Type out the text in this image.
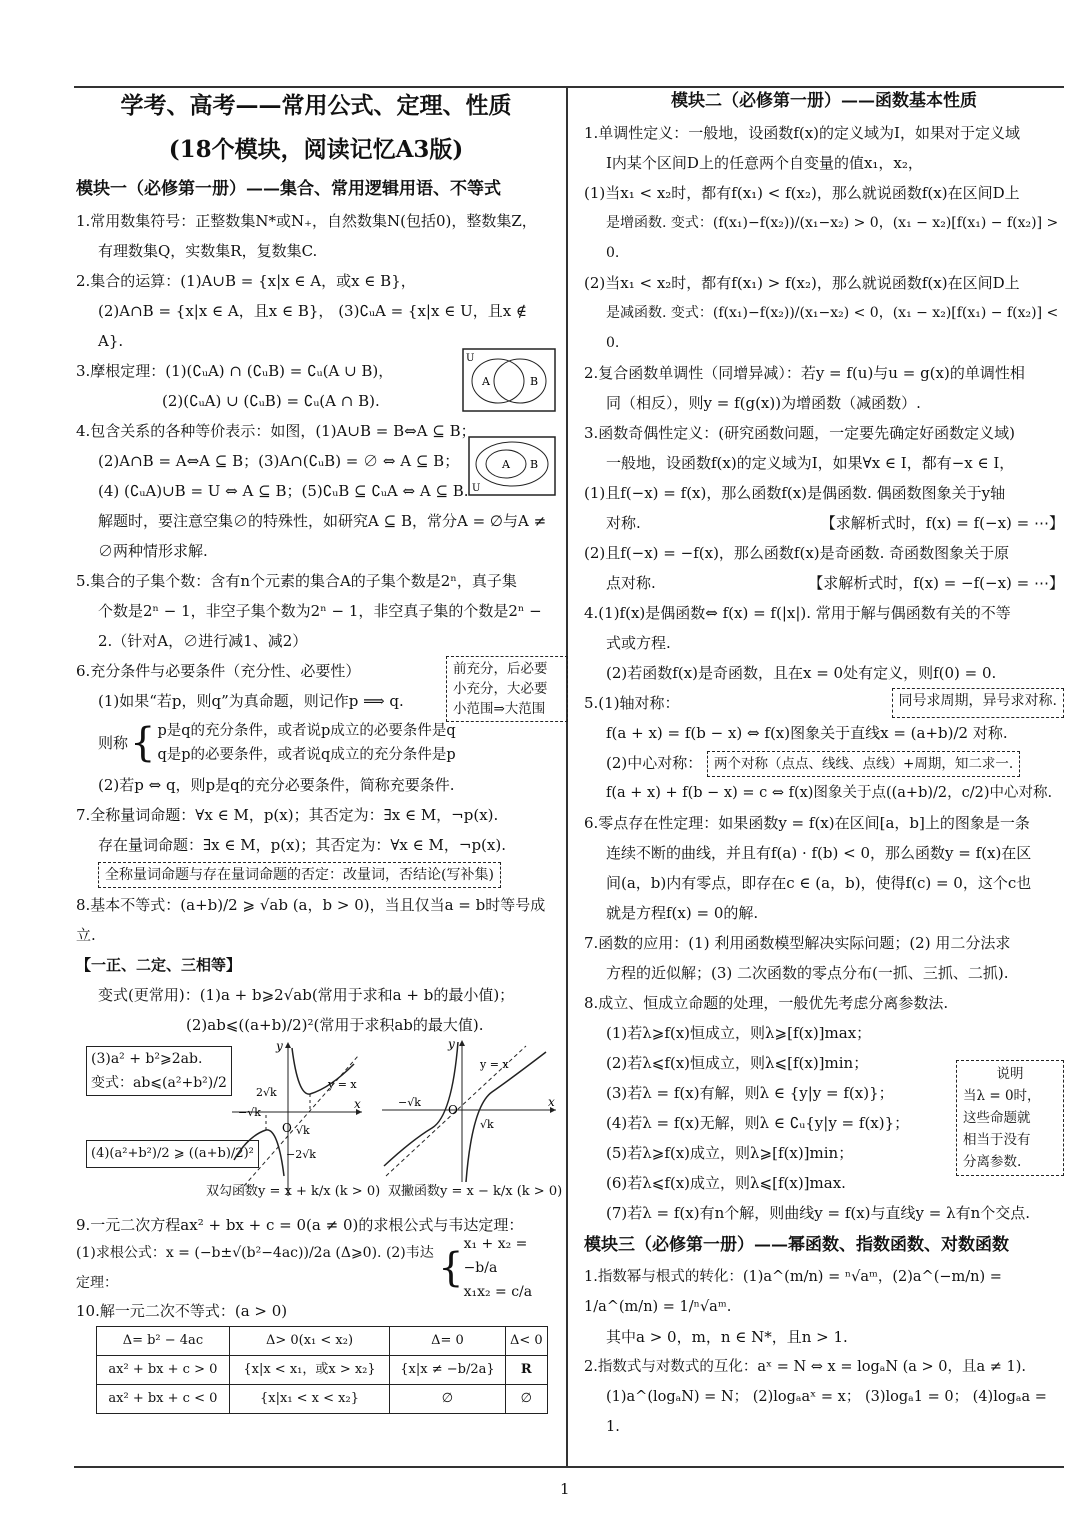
学考、高考——常用公式、定理、性质
(18个模块，阅读记忆A3版)
模块一（必修第一册）——集合、常用逻辑用语、不等式
1.常用数集符号：正整数集N*或N₊，自然数集N(包括0)，整数集Z，
有理数集Q，实数集R，复数集C.
2.集合的运算：(1)A∪B = {x|x ∈ A，或x ∈ B}，
(2)A∩B = {x|x ∈ A，且x ∈ B}， (3)∁ᵤA = {x|x ∈ U，且x ∉ A}.
3.摩根定理：(1)(∁ᵤA) ∩ (∁ᵤB) = ∁ᵤ(A ∪ B)，
(2)(∁ᵤA) ∪ (∁ᵤB) = ∁ᵤ(A ∩ B).
4.包含关系的各种等价表示：如图，(1)A∪B = B⇔A ⊆ B；
(2)A∩B = A⇔A ⊆ B；(3)A∩(∁ᵤB) = ∅ ⇔ A ⊆ B；
(4) (∁ᵤA)∪B = U ⇔ A ⊆ B；(5)∁ᵤB ⊆ ∁ᵤA ⇔ A ⊆ B.
解题时，要注意空集∅的特殊性，如研究A ⊆ B，常分A = ∅与A ≠
∅两种情形求解.
5.集合的子集个数：含有n个元素的集合A的子集个数是2ⁿ，真子集
个数是2ⁿ − 1，非空子集个数为2ⁿ − 1，非空真子集的个数是2ⁿ −
2.（针对A，∅进行减1、减2）
6.充分条件与必要条件（充分性、必要性）
(1)如果“若p，则q”为真命题，则记作p ⟹ q.
则称 { p是q的充分条件，或者说p成立的必要条件是q
q是p的必要条件，或者说q成立的充分条件是p
(2)若p ⇔ q，则p是q的充分必要条件，简称充要条件.
7.全称量词命题：∀x ∈ M，p(x)；其否定为：∃x ∈ M，¬p(x).
存在量词命题：∃x ∈ M，p(x)；其否定为：∀x ∈ M，¬p(x).
全称量词命题与存在量词命题的否定：改量词，否结论(写补集)
8.基本不等式：(a+b)/2 ⩾ √ab (a，b > 0)，当且仅当a = b时等号成立.
【一正、二定、三相等】
变式(更常用)：(1)a + b⩾2√ab(常用于求和a + b的最小值)；
(2)ab⩽((a+b)/2)²(常用于求积ab的最大值).
9.一元二次方程ax² + bx + c = 0(a ≠ 0)的求根公式与韦达定理：
(1)求根公式：x = (−b±√(b²−4ac))/2a (Δ⩾0). (2)韦达定理：	{
x₁ + x₂ = −b/a
x₁x₂ = c/a
10.解一元二次不等式：(a > 0)
Δ= b² − 4ac	Δ> 0(x₁ < x₂)	Δ= 0	Δ< 0
ax² + bx + c > 0	{x|x < x₁，或x > x₂}	{x|x ≠ −b/2a}	R
ax² + bx + c < 0	{x|x₁ < x < x₂}	∅	∅
U
A	B
U
A B
前充分，后必要
小充分，大必要
小范围⇒大范围
(3)a² + b²⩾2ab.
变式：ab⩽(a²+b²)/2
(4)(a²+b²)/2 ⩾ ((a+b)/2)²
y
x
O
y = x
−√k
√k
2√k
−2√k
双勾函数y = x + k/x (k > 0)
y
x
O
y = x
−√k
√k
双撇函数y = x − k/x (k > 0)
模块二（必修第一册）——函数基本性质
1.单调性定义：一般地，设函数f(x)的定义域为I，如果对于定义域
I内某个区间D上的任意两个自变量的值x₁，x₂，
(1)当x₁ < x₂时，都有f(x₁) < f(x₂)，那么就说函数f(x)在区间D上
是增函数. 变式：(f(x₁)−f(x₂))/(x₁−x₂) > 0，(x₁ − x₂)[f(x₁) − f(x₂)] > 0.
(2)当x₁ < x₂时，都有f(x₁) > f(x₂)，那么就说函数f(x)在区间D上
是减函数. 变式：(f(x₁)−f(x₂))/(x₁−x₂) < 0，(x₁ − x₂)[f(x₁) − f(x₂)] < 0.
2.复合函数单调性（同增异减）：若y = f(u)与u = g(x)的单调性相
同（相反），则y = f(g(x))为增函数（减函数）.
3.函数奇偶性定义：(研究函数问题，一定要先确定好函数定义域)
一般地，设函数f(x)的定义域为I，如果∀x ∈ I，都有−x ∈ I，
(1)且f(−x) = f(x)，那么函数f(x)是偶函数. 偶函数图象关于y轴
对称.	【求解析式时，f(x) = f(−x) = ⋯】
(2)且f(−x) = −f(x)，那么函数f(x)是奇函数. 奇函数图象关于原
点对称.	【求解析式时，f(x) = −f(−x) = ⋯】
4.(1)f(x)是偶函数⇔ f(x) = f(|x|). 常用于解与偶函数有关的不等
式或方程.
(2)若函数f(x)是奇函数，且在x = 0处有定义，则f(0) = 0.
5.(1)轴对称：	同号求周期，异号求对称.
f(a + x) = f(b − x) ⇔ f(x)图象关于直线x = (a+b)/2 对称.
(2)中心对称： 两个对称（点点、线线、点线）+周期，知二求一.
f(a + x) + f(b − x) = c ⇔ f(x)图象关于点((a+b)/2，c/2)中心对称.
6.零点存在性定理：如果函数y = f(x)在区间[a，b]上的图象是一条
连续不断的曲线，并且有f(a) · f(b) < 0，那么函数y = f(x)在区
间(a，b)内有零点，即存在c ∈ (a，b)，使得f(c) = 0，这个c也
就是方程f(x) = 0的解.
7.函数的应用：(1) 利用函数模型解决实际问题；(2) 用二分法求
方程的近似解；(3) 二次函数的零点分布(一抓、三抓、二抓).
8.成立、恒成立命题的处理，一般优先考虑分离参数法.
(1)若λ⩾f(x)恒成立，则λ⩾[f(x)]max；
(2)若λ⩽f(x)恒成立，则λ⩽[f(x)]min；
(3)若λ = f(x)有解，则λ ∈ {y|y = f(x)}；
(4)若λ = f(x)无解，则λ ∈ ∁ᵤ{y|y = f(x)}；
(5)若λ⩾f(x)成立，则λ⩾[f(x)]min；
(6)若λ⩽f(x)成立，则λ⩽[f(x)]max.
(7)若λ = f(x)有n个解，则曲线y = f(x)与直线y = λ有n个交点.
模块三（必修第一册）——幂函数、指数函数、对数函数
1.指数幂与根式的转化：(1)a^(m/n) = ⁿ√aᵐ，(2)a^(−m/n) = 1/a^(m/n) = 1/ⁿ√aᵐ.
其中a > 0，m，n ∈ N*，且n > 1.
2.指数式与对数式的互化：aˣ = N ⇔ x = logₐN (a > 0，且a ≠ 1).
(1)a^(logₐN) = N； (2)logₐaˣ = x； (3)logₐ1 = 0； (4)logₐa = 1.
说明
当λ = 0时，
这些命题就
相当于没有
分离参数.
1
